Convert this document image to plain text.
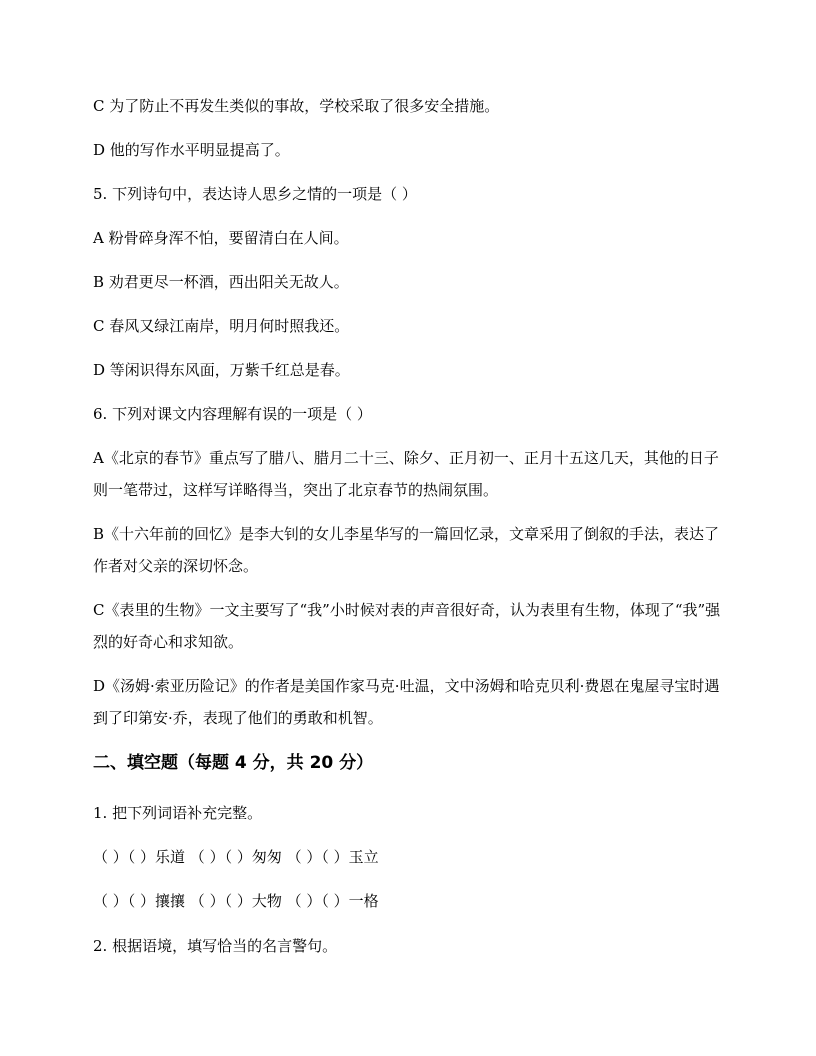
C 为了防止不再发生类似的事故，学校采取了很多安全措施。
D 他的写作水平明显提高了。
5. 下列诗句中，表达诗人思乡之情的一项是（ ）
A 粉骨碎身浑不怕，要留清白在人间。
B 劝君更尽一杯酒，西出阳关无故人。
C 春风又绿江南岸，明月何时照我还。
D 等闲识得东风面，万紫千红总是春。
6. 下列对课文内容理解有误的一项是（ ）
A《北京的春节》重点写了腊八、腊月二十三、除夕、正月初一、正月十五这几天，其他的日子则一笔带过，这样写详略得当，突出了北京春节的热闹氛围。
B《十六年前的回忆》是李大钊的女儿李星华写的一篇回忆录，文章采用了倒叙的手法，表达了作者对父亲的深切怀念。
C《表里的生物》一文主要写了“我”小时候对表的声音很好奇，认为表里有生物，体现了“我”强烈的好奇心和求知欲。
D《汤姆·索亚历险记》的作者是美国作家马克·吐温，文中汤姆和哈克贝利·费恩在鬼屋寻宝时遇到了印第安·乔，表现了他们的勇敢和机智。
二、填空题（每题 4 分，共 20 分）
1. 把下列词语补充完整。
（ ）（ ）乐道 （ ）（ ）匆匆 （ ）（ ）玉立
（ ）（ ）攘攘 （ ）（ ）大物 （ ）（ ）一格
2. 根据语境，填写恰当的名言警句。
